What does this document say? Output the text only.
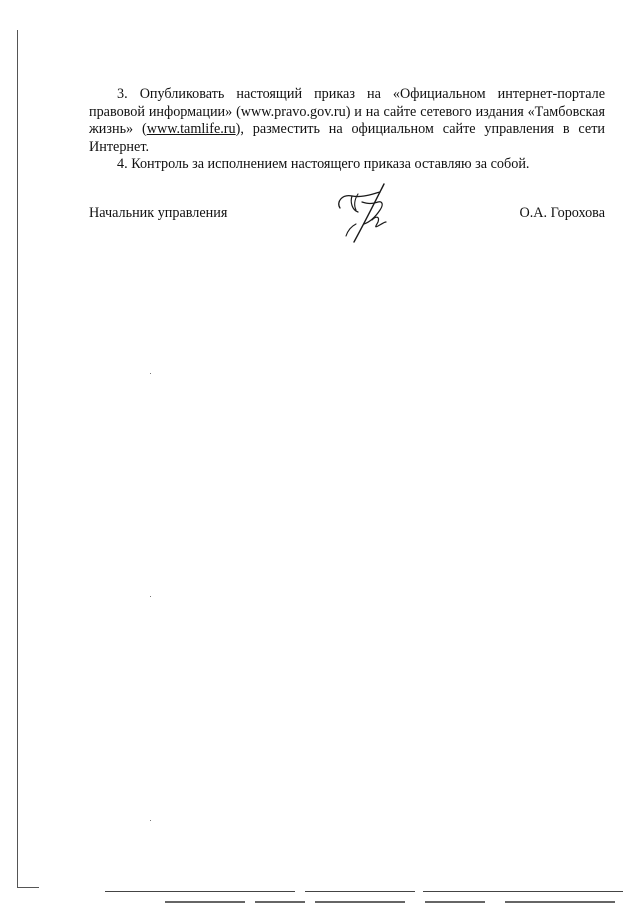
3. Опубликовать настоящий приказ на «Официальном интернет-портале правовой информации» (www.pravo.gov.ru) и на сайте сетевого издания «Тамбовская жизнь» (www.tamlife.ru), разместить на официальном сайте управления в сети Интернет.

4. Контроль за исполнением настоящего приказа оставляю за собой.

Начальник управления	О.А. Горохова
